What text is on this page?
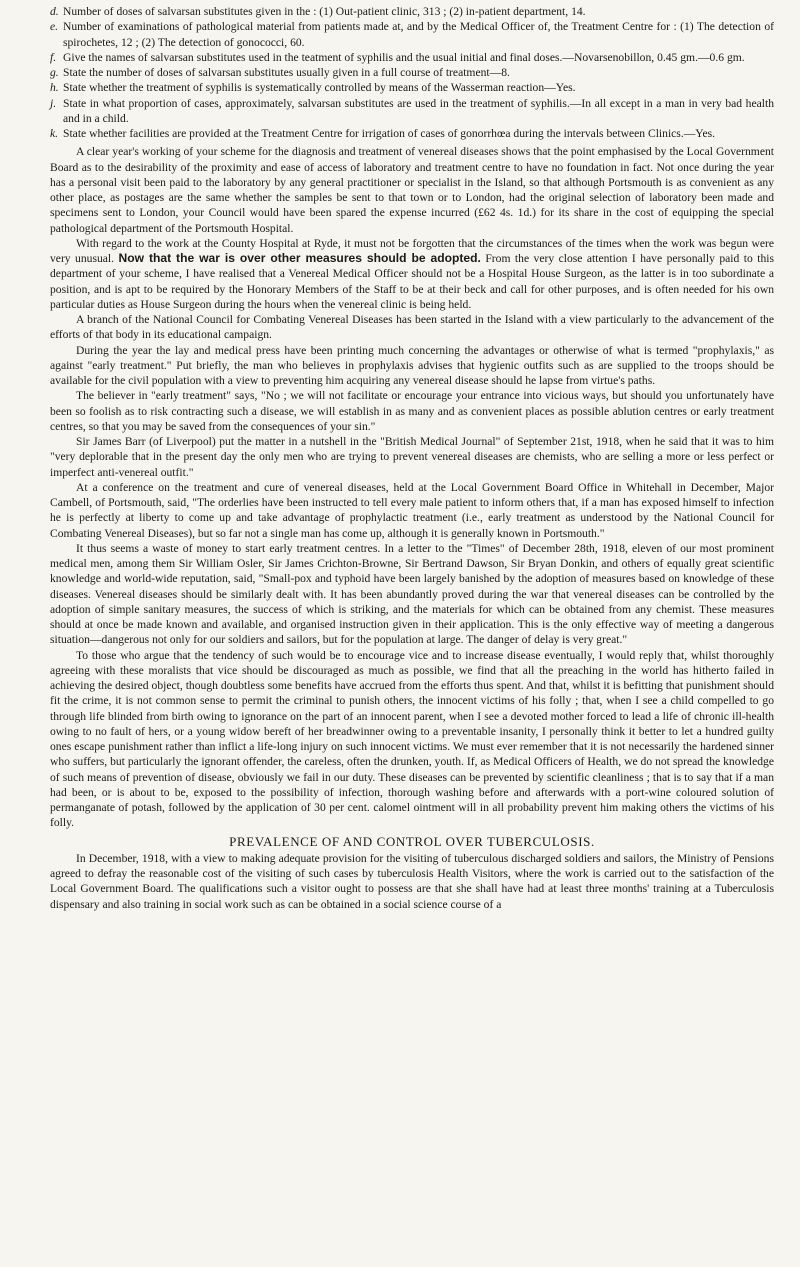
d. Number of doses of salvarsan substitutes given in the : (1) Out-patient clinic, 313 ; (2) in-patient department, 14.
e. Number of examinations of pathological material from patients made at, and by the Medical Officer of, the Treatment Centre for : (1) The detection of spirochetes, 12 ; (2) The detection of gonococci, 60.
f. Give the names of salvarsan substitutes used in the teatment of syphilis and the usual initial and final doses.—Novarsenobillon, 0.45 gm.—0.6 gm.
g. State the number of doses of salvarsan substitutes usually given in a full course of treatment—8.
h. State whether the treatment of syphilis is systematically controlled by means of the Wasserman reaction—Yes.
j. State in what proportion of cases, approximately, salvarsan substitutes are used in the treatment of syphilis.—In all except in a man in very bad health and in a child.
k. State whether facilities are provided at the Treatment Centre for irrigation of cases of gonorrhœa during the intervals between Clinics.—Yes.

A clear year's working of your scheme for the diagnosis and treatment of venereal diseases shows that the point emphasised by the Local Government Board as to the desirability of the proximity and ease of access of laboratory and treatment centre to have no foundation in fact. Not once during the year has a personal visit been paid to the laboratory by any general practitioner or specialist in the Island, so that although Portsmouth is as convenient as any other place, as postages are the same whether the samples be sent to that town or to London, had the original selection of laboratory been made and specimens sent to London, your Council would have been spared the expense incurred (£62 4s. 1d.) for its share in the cost of equipping the special pathological department of the Portsmouth Hospital.

With regard to the work at the County Hospital at Ryde, it must not be forgotten that the circumstances of the times when the work was begun were very unusual. Now that the war is over other measures should be adopted. From the very close attention I have personally paid to this department of your scheme, I have realised that a Venereal Medical Officer should not be a Hospital House Surgeon, as the latter is in too subordinate a position, and is apt to be required by the Honorary Members of the Staff to be at their beck and call for other purposes, and is often needed for his own particular duties as House Surgeon during the hours when the venereal clinic is being held.

A branch of the National Council for Combating Venereal Diseases has been started in the Island with a view particularly to the advancement of the efforts of that body in its educational campaign.

During the year the lay and medical press have been printing much concerning the advantages or otherwise of what is termed "prophylaxis," as against "early treatment." Put briefly, the man who believes in prophylaxis advises that hygienic outfits such as are supplied to the troops should be available for the civil population with a view to preventing him acquiring any venereal disease should he lapse from virtue's paths.

The believer in "early treatment" says, "No ; we will not facilitate or encourage your entrance into vicious ways, but should you unfortunately have been so foolish as to risk contracting such a disease, we will establish in as many and as convenient places as possible ablution centres or early treatment centres, so that you may be saved from the consequences of your sin."

Sir James Barr (of Liverpool) put the matter in a nutshell in the "British Medical Journal" of September 21st, 1918, when he said that it was to him "very deplorable that in the present day the only men who are trying to prevent venereal diseases are chemists, who are selling a more or less perfect or imperfect anti-venereal outfit."

At a conference on the treatment and cure of venereal diseases, held at the Local Government Board Office in Whitehall in December, Major Cambell, of Portsmouth, said, "The orderlies have been instructed to tell every male patient to inform others that, if a man has exposed himself to infection he is perfectly at liberty to come up and take advantage of prophylactic treatment (i.e., early treatment as understood by the National Council for Combating Venereal Diseases), but so far not a single man has come up, although it is generally known in Portsmouth."

It thus seems a waste of money to start early treatment centres. In a letter to the "Times" of December 28th, 1918, eleven of our most prominent medical men, among them Sir William Osler, Sir James Crichton-Browne, Sir Bertrand Dawson, Sir Bryan Donkin, and others of equally great scientific knowledge and world-wide reputation, said, "Small-pox and typhoid have been largely banished by the adoption of measures based on knowledge of these diseases. Venereal diseases should be similarly dealt with. It has been abundantly proved during the war that venereal diseases can be controlled by the adoption of simple sanitary measures, the success of which is striking, and the materials for which can be obtained from any chemist. These measures should at once be made known and available, and organised instruction given in their application. This is the only effective way of meeting a dangerous situation—dangerous not only for our soldiers and sailors, but for the population at large. The danger of delay is very great."

To those who argue that the tendency of such would be to encourage vice and to increase disease eventually, I would reply that, whilst thoroughly agreeing with these moralists that vice should be discouraged as much as possible, we find that all the preaching in the world has hitherto failed in achieving the desired object, though doubtless some benefits have accrued from the efforts thus spent. And that, whilst it is befitting that punishment should fit the crime, it is not common sense to permit the criminal to punish others, the innocent victims of his folly ; that, when I see a child compelled to go through life blinded from birth owing to ignorance on the part of an innocent parent, when I see a devoted mother forced to lead a life of chronic ill-health owing to no fault of hers, or a young widow bereft of her breadwinner owing to a preventable insanity, I personally think it better to let a hundred guilty ones escape punishment rather than inflict a life-long injury on such innocent victims. We must ever remember that it is not necessarily the hardened sinner who suffers, but particularly the ignorant offender, the careless, often the drunken, youth. If, as Medical Officers of Health, we do not spread the knowledge of such means of prevention of disease, obviously we fail in our duty. These diseases can be prevented by scientific cleanliness ; that is to say that if a man had been, or is about to be, exposed to the possibility of infection, thorough washing before and afterwards with a port-wine coloured solution of permanganate of potash, followed by the application of 30 per cent. calomel ointment will in all probability prevent him making others the victims of his folly.

PREVALENCE OF AND CONTROL OVER TUBERCULOSIS.

In December, 1918, with a view to making adequate provision for the visiting of tuberculous discharged soldiers and sailors, the Ministry of Pensions agreed to defray the reasonable cost of the visiting of such cases by tuberculosis Health Visitors, where the work is carried out to the satisfaction of the Local Government Board. The qualifications such a visitor ought to possess are that she shall have had at least three months' training at a Tuberculosis dispensary and also training in social work such as can be obtained in a social science course of a
